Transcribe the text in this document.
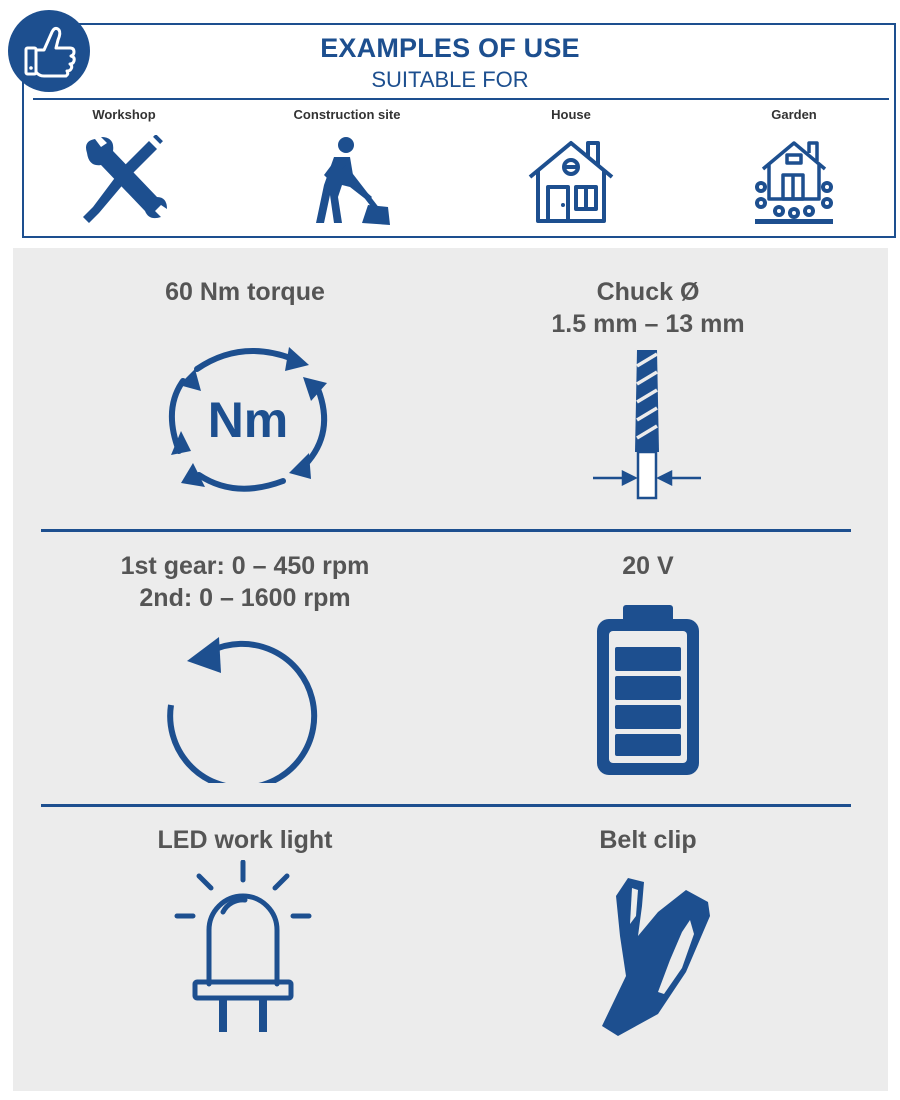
EXAMPLES OF USE
SUITABLE FOR
Workshop	Construction site	House	Garden
60 Nm torque
Nm
Chuck Ø
1.5 mm – 13 mm
1st gear: 0 – 450 rpm
2nd: 0 – 1600 rpm
20 V
LED work light	Belt clip
